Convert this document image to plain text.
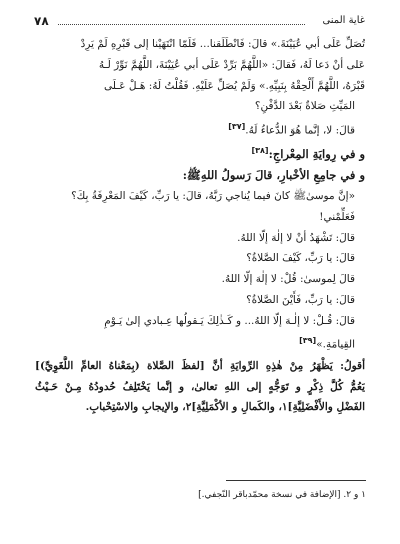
٧٨	غاية المنى

تُصَلِّ عَلَى أبي عُيَيْنَةَ.» قالَ: فَانْطَلَقنا... فَلَمّا انْتَهَيْنا إلى قَبْرِهِ لَمْ يَرِدْ

عَلى أنْ دَعا لَهُ، فَقالَ: «اللَّهُمَّ بَرِّدْ عَلَى أبي عُيَيْنَةَ، اللَّهُمَّ نَوِّرْ لَـهُ

قَبْرَهُ، اللَّهُمَّ أَلْحِقْهُ بِنَبِيِّهِ.» وَلَمْ يُصَلِّ عَلَيْهِ. فَقُلْتُ لَهُ: هَـلْ عَـلَى

المَيِّتِ صَلاةٌ بَعْدَ الدَّفْنِ؟

قالَ: لا، إنَّما هُوَ الدُّعاءُ لَهُ.[٣٧]

و في رِوايَةِ المِعْراجِ:[٣٨]

و في جامِعِ الأخْبارِ، قالَ رَسولُ اللهِﷺ:

«إنَّ موسىٰﷺ كانَ فيما يُناجي رَبَّهُ، قالَ: يا رَبِّ، كَيْفَ المَعْرِفَةُ بِكَ؟

فَعَلِّمْني!

قالَ: تَشْهَدُ أنْ لا إلٰهَ إلّا اللهُ.

قالَ: يا رَبِّ، كَيْفَ الصَّلاةُ؟

قالَ لِموسىٰ: قُلْ: لا إلٰهَ إلّا اللهُ.

قالَ: يا رَبِّ، فَأَيْنَ الصَّلاةُ؟

قالَ: قُـلْ: لا إلٰـهَ إلّا اللهُ... و كَـذٰلِكَ يَـقولُها عِـبادي إلىٰ يَـوْمِ

القِيامَةِ.»[٣٩]

أقولُ: يَظْهَرُ مِنْ هٰذِهِ الرِّوايَةِ أنَّ [لفظَ الصَّلاة (بِمَعْناهُ العامِّ اللُّغَوِيِّ)]

يَعُمُّ كُلَّ ذِكْرٍ و تَوَجُّهٍ إلى اللهِ تعالىٰ، و إنَّما يَخْتَلِفُ حُدودُهُ مِـنْ حَـيْثُ

الفَضْلِ والأَفْضَلِيَّةِ]١، والكَمالِ و الأكْمَلِيَّةِ]٢، والإيجابِ والاسْتِحْبابِ.

١ و ٢. [الإضافة في نسخة محمّدباقر النّجفي.]
